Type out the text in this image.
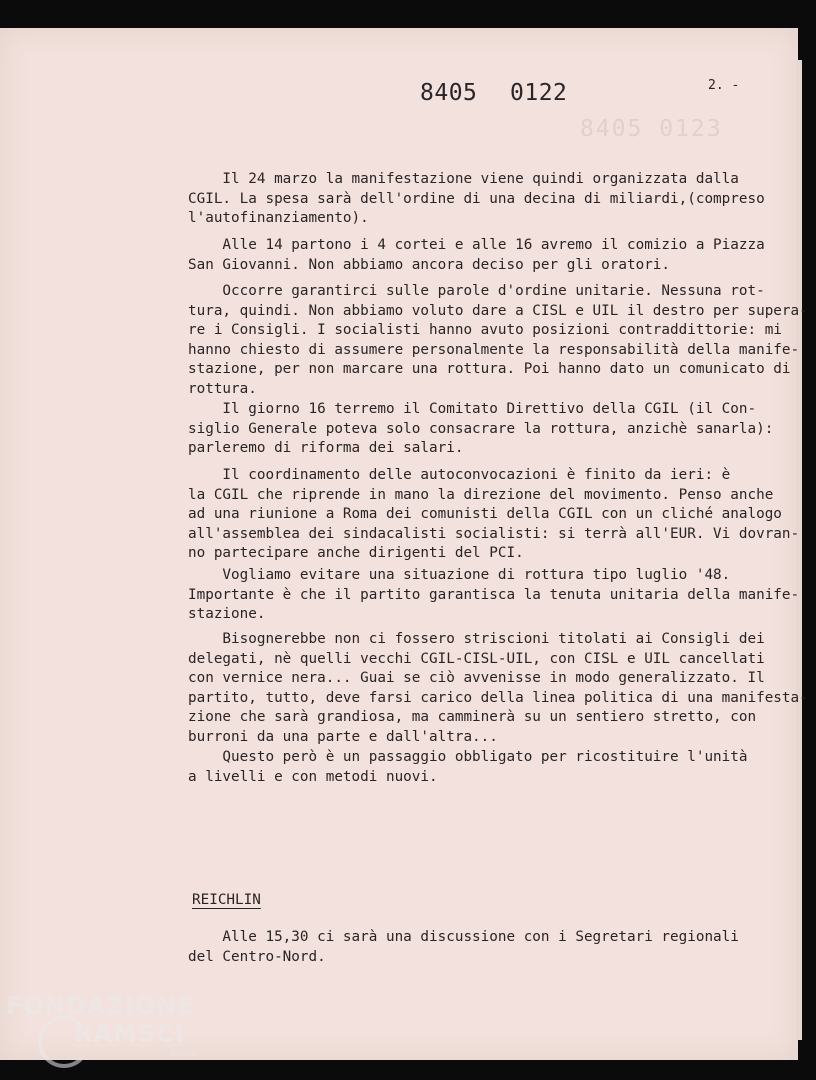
8405 0122
8405 0123
2. -
Il 24 marzo la manifestazione viene quindi organizzata dalla
CGIL. La spesa sarà dell'ordine di una decina di miliardi,(compreso
l'autofinanziamento).
Alle 14 partono i 4 cortei e alle 16 avremo il comizio a Piazza
San Giovanni. Non abbiamo ancora deciso per gli oratori.
Occorre garantirci sulle parole d'ordine unitarie. Nessuna rot-
tura, quindi. Non abbiamo voluto dare a CISL e UIL il destro per supera-
re i Consigli. I socialisti hanno avuto posizioni contraddittorie: mi
hanno chiesto di assumere personalmente la responsabilità della manife-
stazione, per non marcare una rottura. Poi hanno dato un comunicato di
rottura.
Il giorno 16 terremo il Comitato Direttivo della CGIL (il Con-
siglio Generale poteva solo consacrare la rottura, anzichè sanarla):
parleremo di riforma dei salari.
Il coordinamento delle autoconvocazioni è finito da ieri: è
la CGIL che riprende in mano la direzione del movimento. Penso anche
ad una riunione a Roma dei comunisti della CGIL con un cliché analogo
all'assemblea dei sindacalisti socialisti: si terrà all'EUR. Vi dovran-
no partecipare anche dirigenti del PCI.
Vogliamo evitare una situazione di rottura tipo luglio '48.
Importante è che il partito garantisca la tenuta unitaria della manife-
stazione.
Bisognerebbe non ci fossero striscioni titolati ai Consigli dei
delegati, nè quelli vecchi CGIL-CISL-UIL, con CISL e UIL cancellati
con vernice nera... Guai se ciò avvenisse in modo generalizzato. Il
partito, tutto, deve farsi carico della linea politica di una manifesta-
zione che sarà grandiosa, ma camminerà su un sentiero stretto, con
burroni da una parte e dall'altra...
Questo però è un passaggio obbligato per ricostituire l'unità
a livelli e con metodi nuovi.
REICHLIN
Alle 15,30 ci sarà una discussione con i Segretari regionali
del Centro-Nord.
FONDAZIONE
RAMSCI
onlus
